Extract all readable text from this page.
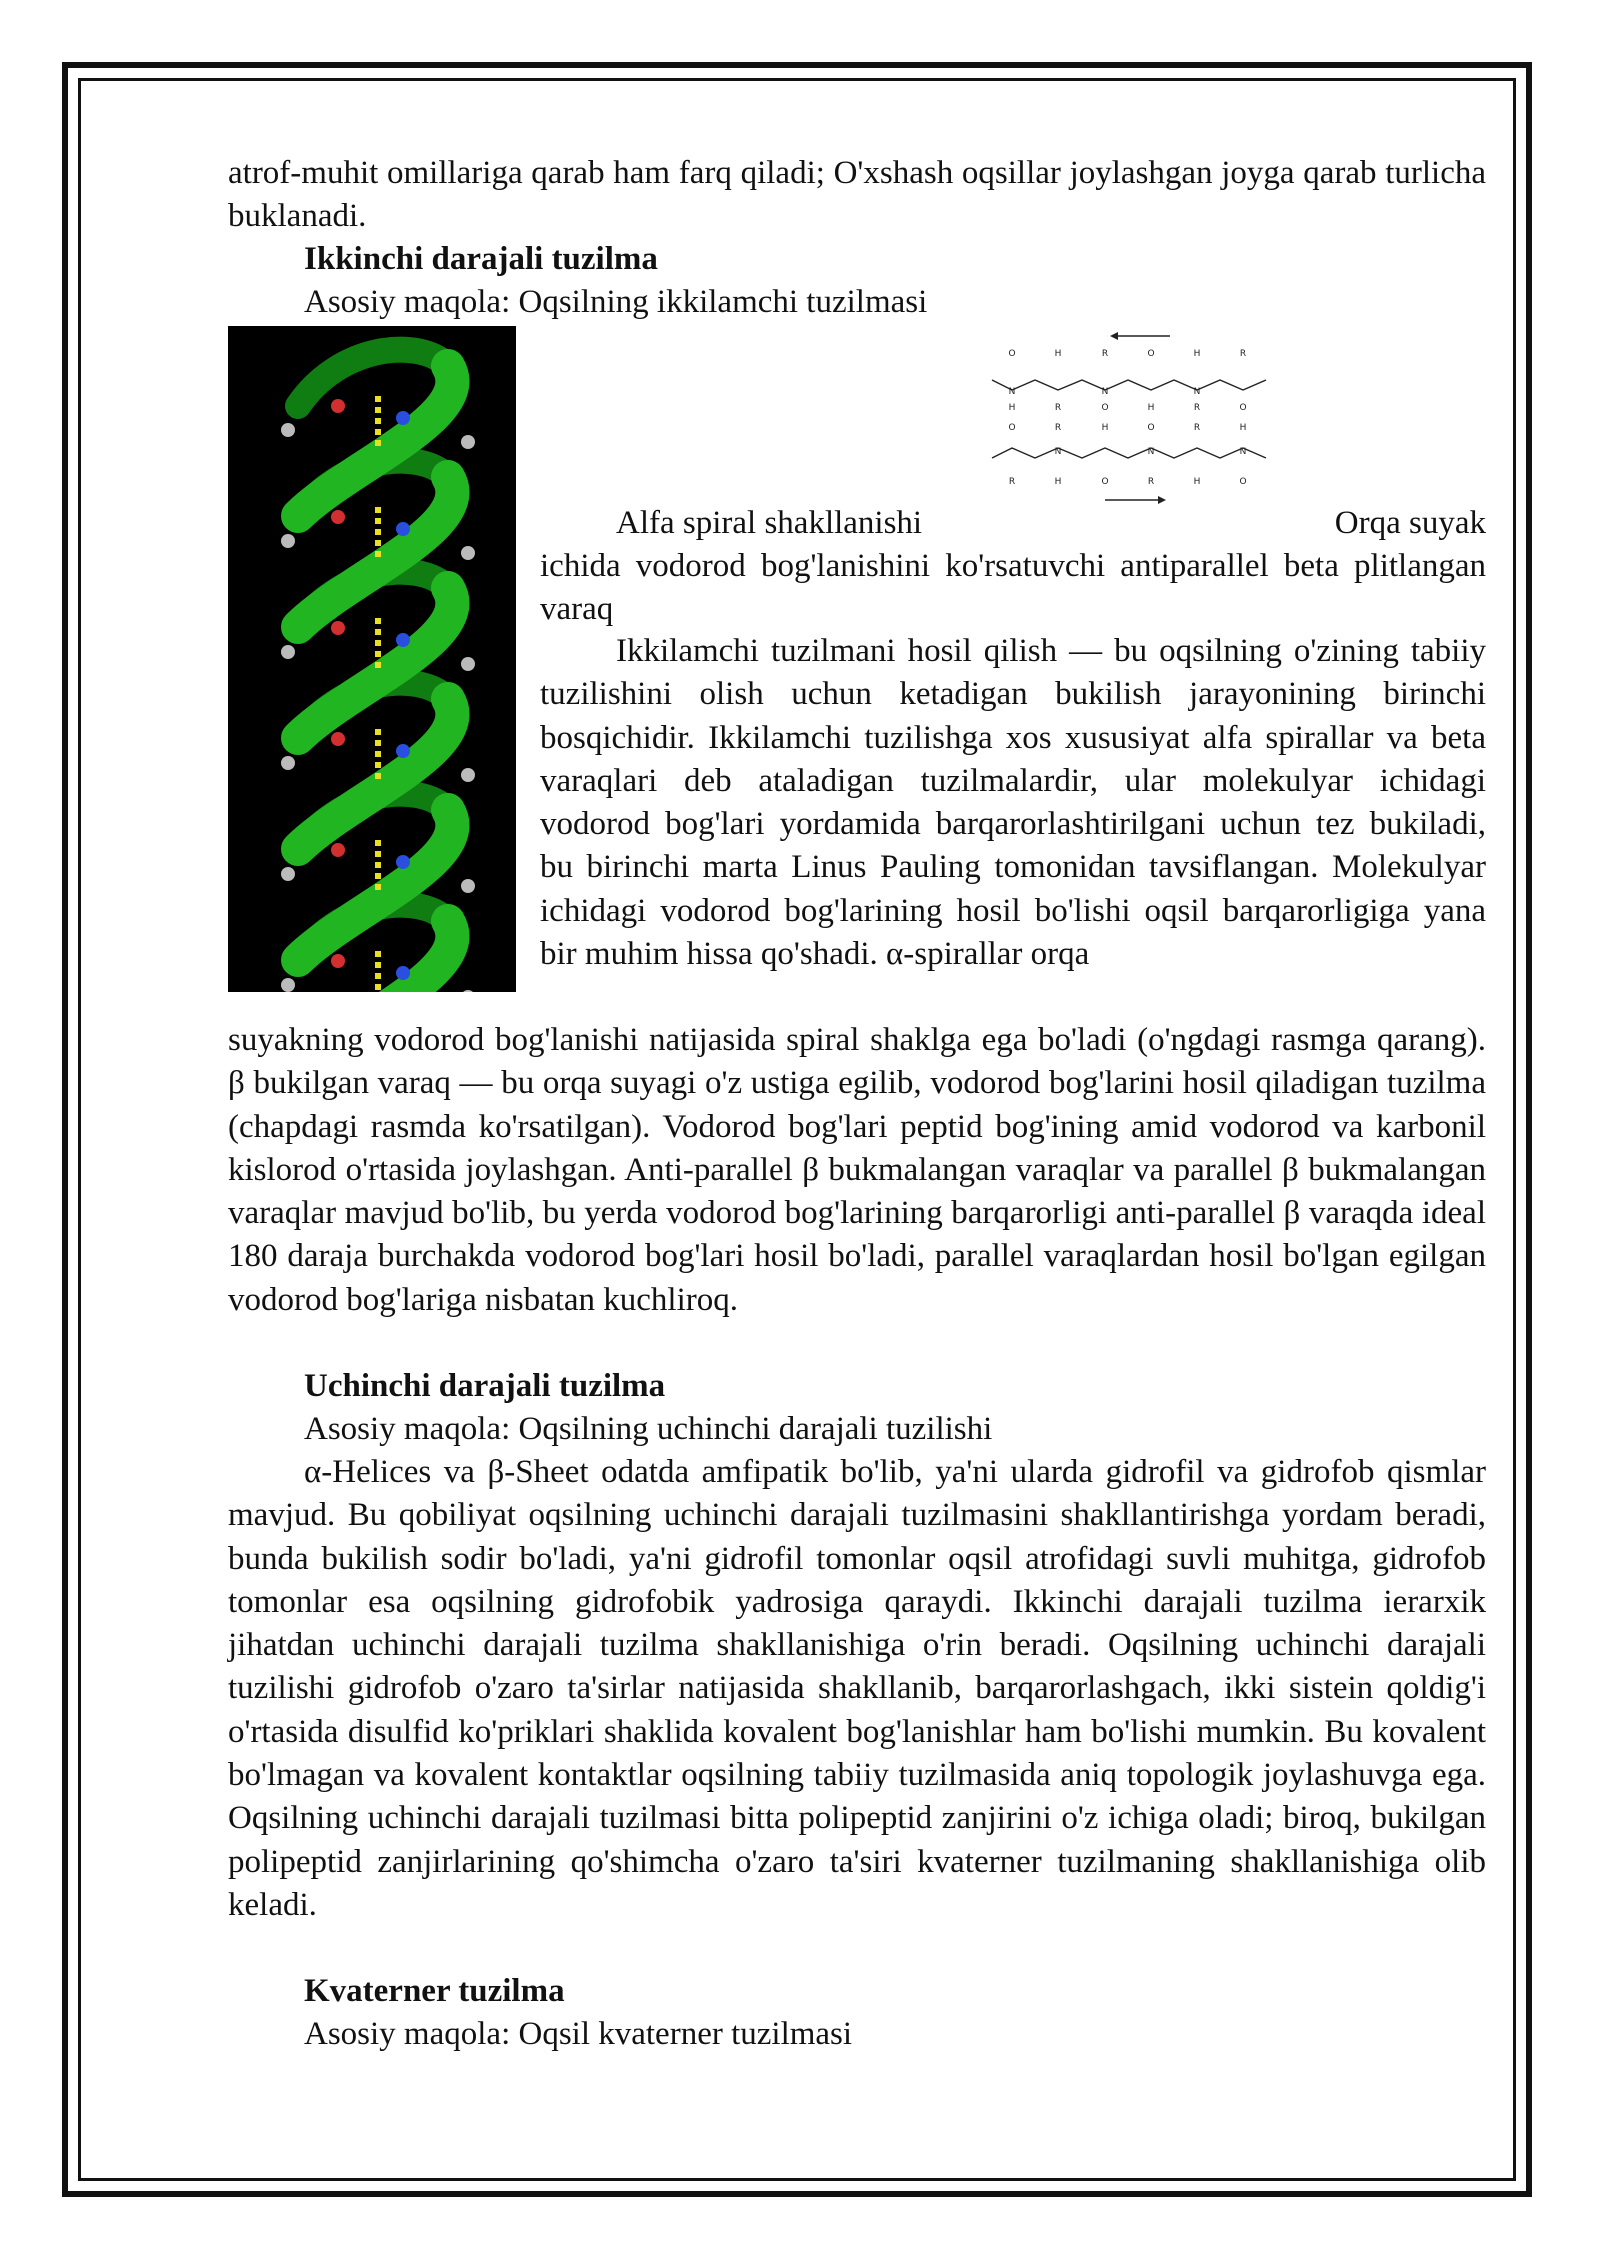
atrof-muhit omillariga qarab ham farq qiladi; O'xshash oqsillar joylashgan joyga qarab turlicha buklanadi.

Ikkinchi darajali tuzilma

Asosiy maqola: Oqsilning ikkilamchi tuzilmasi

O	H	R	O	H	R
H	R	O	H	R	O
O	R	H	O	R	H
R	H	O	R	H	O
N	N	N
N	N	N

Alfa spiral shakllanishi	Orqa suyak

ichida vodorod bog'lanishini ko'rsatuvchi antiparallel beta plitlangan varaq

Ikkilamchi tuzilmani hosil qilish — bu oqsilning o'zining tabiiy tuzilishini olish uchun ketadigan bukilish jarayonining birinchi bosqichidir. Ikkilamchi tuzilishga xos xususiyat alfa spirallar va beta varaqlari deb ataladigan tuzilmalardir, ular molekulyar ichidagi vodorod bog'lari yordamida barqarorlashtirilgani uchun tez bukiladi, bu birinchi marta Linus Pauling tomonidan tavsiflangan. Molekulyar ichidagi vodorod bog'larining hosil bo'lishi oqsil barqarorligiga yana bir muhim hissa qo'shadi. α-spirallar orqa

suyakning vodorod bog'lanishi natijasida spiral shaklga ega bo'ladi (o'ngdagi rasmga qarang). β bukilgan varaq — bu orqa suyagi o'z ustiga egilib, vodorod bog'larini hosil qiladigan tuzilma (chapdagi rasmda ko'rsatilgan). Vodorod bog'lari peptid bog'ining amid vodorod va karbonil kislorod o'rtasida joylashgan. Anti-parallel β bukmalangan varaqlar va parallel β bukmalangan varaqlar mavjud bo'lib, bu yerda vodorod bog'larining barqarorligi anti-parallel β varaqda ideal 180 daraja burchakda vodorod bog'lari hosil bo'ladi, parallel varaqlardan hosil bo'lgan egilgan vodorod bog'lariga nisbatan kuchliroq.

Uchinchi darajali tuzilma

Asosiy maqola: Oqsilning uchinchi darajali tuzilishi

α-Helices va β-Sheet odatda amfipatik bo'lib, ya'ni ularda gidrofil va gidrofob qismlar mavjud. Bu qobiliyat oqsilning uchinchi darajali tuzilmasini shakllantirishga yordam beradi, bunda bukilish sodir bo'ladi, ya'ni gidrofil tomonlar oqsil atrofidagi suvli muhitga, gidrofob tomonlar esa oqsilning gidrofobik yadrosiga qaraydi. Ikkinchi darajali tuzilma ierarxik jihatdan uchinchi darajali tuzilma shakllanishiga o'rin beradi. Oqsilning uchinchi darajali tuzilishi gidrofob o'zaro ta'sirlar natijasida shakllanib, barqarorlashgach, ikki sistein qoldig'i o'rtasida disulfid ko'priklari shaklida kovalent bog'lanishlar ham bo'lishi mumkin. Bu kovalent bo'lmagan va kovalent kontaktlar oqsilning tabiiy tuzilmasida aniq topologik joylashuvga ega. Oqsilning uchinchi darajali tuzilmasi bitta polipeptid zanjirini o'z ichiga oladi; biroq, bukilgan polipeptid zanjirlarining qo'shimcha o'zaro ta'siri kvaterner tuzilmaning shakllanishiga olib keladi.

Kvaterner tuzilma

Asosiy maqola: Oqsil kvaterner tuzilmasi
